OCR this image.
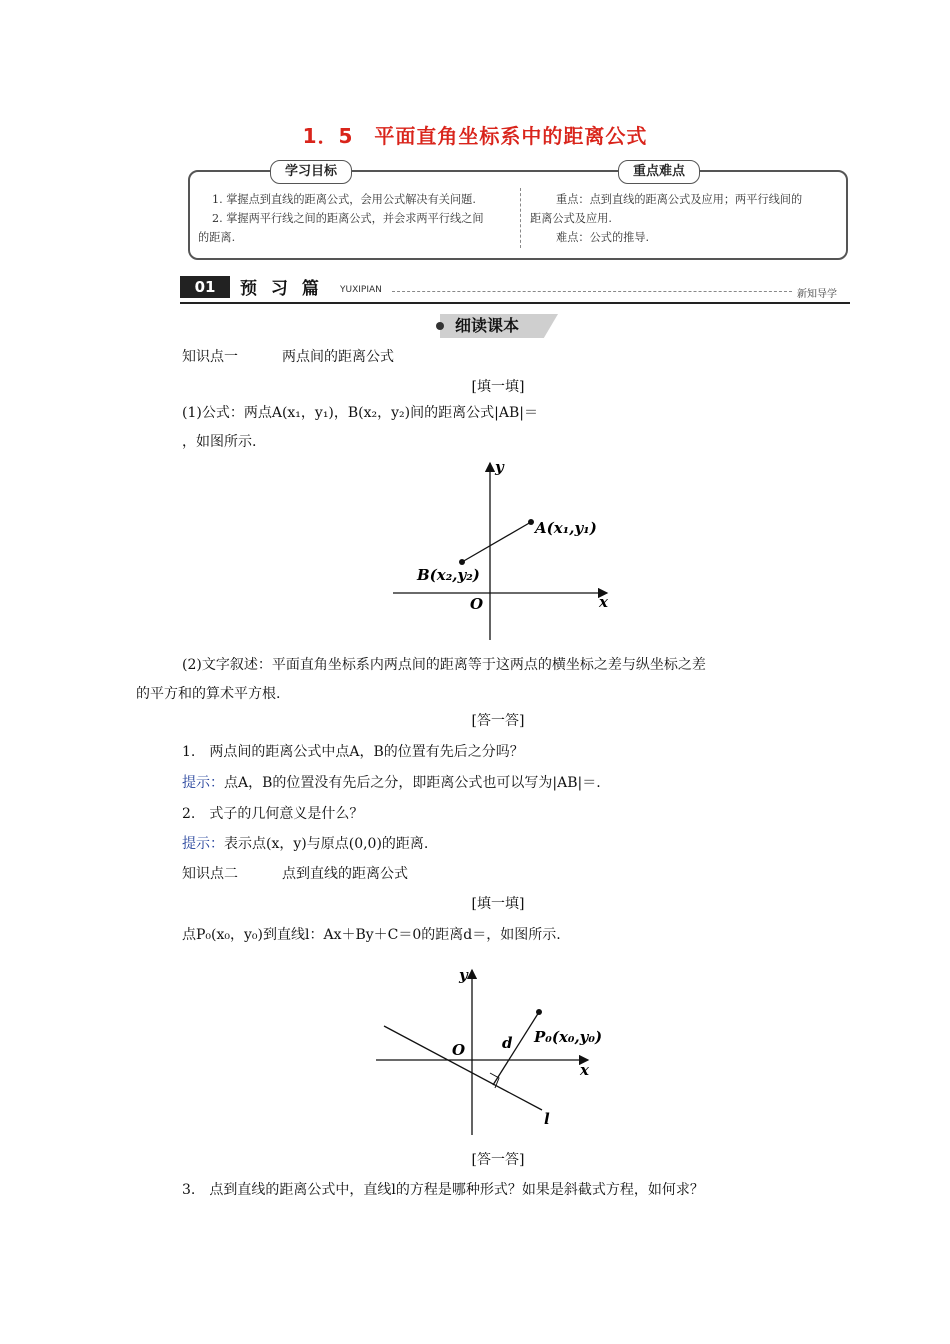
1．5　平面直角坐标系中的距离公式
学习目标	重点难点

1. 掌握点到直线的距离公式，会用公式解决有关问题.

2. 掌握两平行线之间的距离公式，并会求两平行线之间

的距离.

重点：点到直线的距离公式及应用；两平行线间的

距离公式及应用.

难点：公式的推导.

01	预 习 篇 YUXIPIAN	新知导学
细读课本
知识点一	两点间的距离公式
[填一填]
(1)公式：两点A(x₁，y₁)，B(x₂，y₂)间的距离公式|AB|＝
，如图所示.
y
x
O
A(x₁,y₁)
B(x₂,y₂)
(2)文字叙述：平面直角坐标系内两点间的距离等于这两点的横坐标之差与纵坐标之差
的平方和的算术平方根.
[答一答]
1.　两点间的距离公式中点A，B的位置有先后之分吗？
提示：点A，B的位置没有先后之分，即距离公式也可以写为|AB|＝.
2.　式子的几何意义是什么？
提示：表示点(x，y)与原点(0,0)的距离.
知识点二	点到直线的距离公式
[填一填]
点P₀(x₀，y₀)到直线l：Ax＋By＋C＝0的距离d＝，如图所示.
y
x
O d P₀(x₀,y₀)
l
[答一答]
3.　点到直线的距离公式中，直线l的方程是哪种形式？如果是斜截式方程，如何求？
